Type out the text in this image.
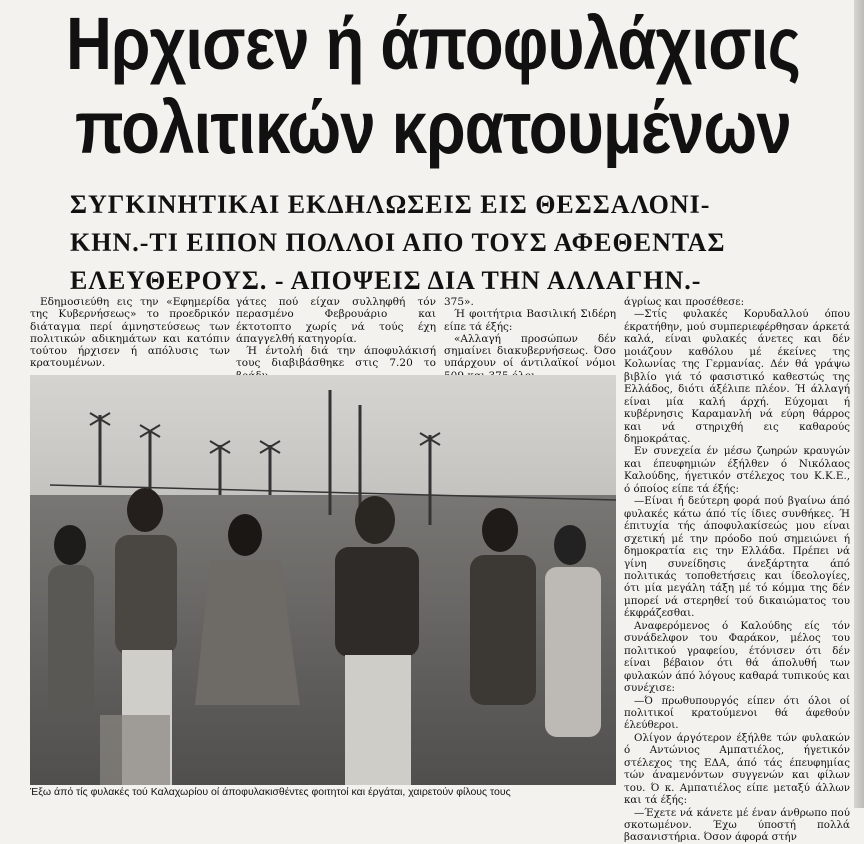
Ηρχισεν ή άποφυλάχισις
πολιτικών κρατουμένων
ΣΥΓΚΙΝΗΤΙΚΑΙ ΕΚΔΗΛΩΣΕΙΣ ΕΙΣ ΘΕΣΣΑΛΟΝΙ-
ΚΗΝ.-ΤΙ ΕΙΠΟΝ ΠΟΛΛΟΙ ΑΠΟ ΤΟΥΣ ΑΦΕΘΕΝΤΑΣ
ΕΛΕΥΘΕΡΟΥΣ. - ΑΠΟΨΕΙΣ ΔΙΑ ΤΗΝ ΑΛΛΑΓΗΝ.-

Εδημοσιεύθη εις την «Εφημερίδα της Κυβερνήσεως» το προεδρικόν διάταγμα περί άμνηστεύσεως των πολιτικών αδικημάτων και κατόπιν τούτου ήρχισεν ή απόλυσις των κρατουμένων.

γάτες πού είχαν συλληφθή τόν περασμένο Φεβρουάριο και έκτοτοπτο χωρίς νά τούς έχη άπαγγελθή κατηγορία.

Ή έντολή διά την άποφυλάκισή τους διαβιβάσθηκε στις 7.20 το

375».

Ή φοιτήτρια Βασιλική Σιδέρη είπε τά έξής:

«Αλλαγή προσώπων δέν σημαίνει διακυβερνήσεως. Όσο υπάρχουν οί άντιλαϊκοί νόμοι

άγρίως και προσέθεσε:

—Στίς φυλακές Κορυδαλλού όπου έκρατήθην, μού συμπεριεφέρθησαν άρκετά καλά, είναι φυλακές άνετες και δέν μοιάζουν καθόλου μέ έκείνες της Κολωνίας της Γερμανίας. Δέν θά γράψω βιβλίο γιά τό φασιστικό καθεστώς της Ελλάδος, διότι άξέλιπε πλέον. Ή άλλαγή είναι μία καλή άρχή. Εύχομαι ή κυβέρνησις Καραμανλή νά εύρη θάρρος και νά στηριχθή εις καθαρούς δημοκράτας.

Εν συνεχεία έν μέσω ζωηρών κραυγών και έπευφημιών έξήλθεν ό Νικόλαος Καλούδης, ήγετικόν στέλεχος του Κ.Κ.Ε., ό όποίος είπε τά έξής:

—Είναι ή δεύτερη φορά πού βγαίνω άπό φυλακές κάτω άπό τίς ίδιες συνθήκες. Ή έπιτυχία τής άποφυλακίσεώς μου είναι σχετική μέ την πρόοδο πού σημειώνει ή δημοκρατία εις την Ελλάδα. Πρέπει νά γίνη συνείδησις άνεξάρτητα άπό πολιτικάς τοποθετήσεις και ίδεολογίες, ότι μία μεγάλη τάξη μέ τό κόμμα της δέν μπορεί νά στερηθεί τού δικαιώματος του έκφράζεσθαι.

Αναφερόμενος ό Καλούδης είς τόν συνάδελφον του Φαράκον, μέλος του πολιτικού γραφείου, έτόνισεν ότι δέν είναι βέβαιον ότι θά άπολυθή των φυλακών άπό λόγους καθαρά τυπικούς και συνέχισε:

—Ό πρωθυπουργός είπεν ότι όλοι οί πολιτικοί κρατούμενοι θά άφεθούν έλεύθεροι.

Ολίγον άργότερον έξήλθε τών φυλακών ό Αντώνιος Αμπατιέλος, ήγετικόν στέλεχος της ΕΔΑ, άπό τάς έπευφημίας τών άναμενόντων συγγενών και φίλων του. Ό κ. Αμπατιέλος είπε μεταξύ άλλων και τά έξής:

—Έχετε νά κάνετε μέ έναν άνθρωπο πού σκοτωμένον. Έχω ύποστή πολλά βασανιστήρια. Όσον άφορά στήν

Έξω άπό τίς φυλακές τού Καλαχωρίου οί άποφυλακισθέντες φοιτητοί και έργάται, χαιρετούν φίλους τους
